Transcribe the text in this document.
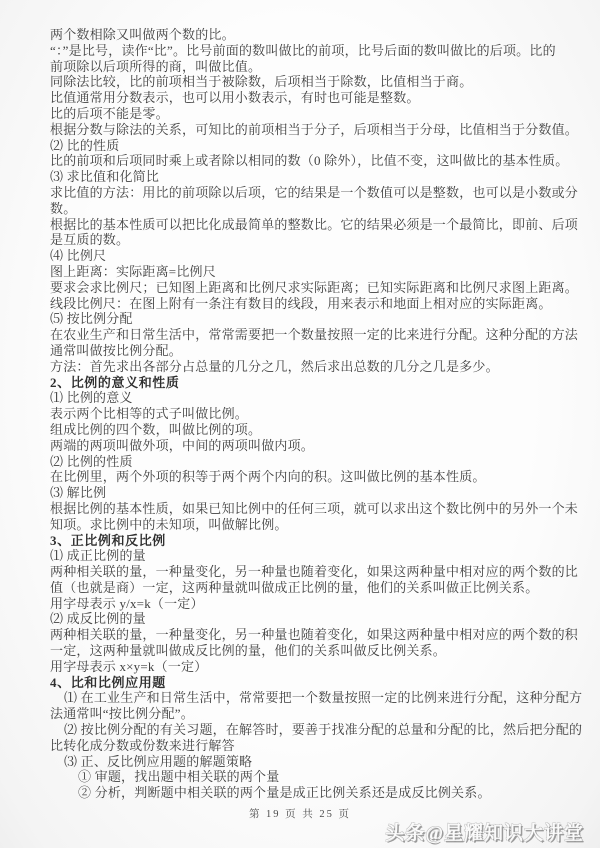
两个数相除又叫做两个数的比。
“：”是比号，读作“比”。比号前面的数叫做比的前项，比号后面的数叫做比的后项。比的
前项除以后项所得的商，叫做比值。
同除法比较，比的前项相当于被除数，后项相当于除数，比值相当于商。
比值通常用分数表示，也可以用小数表示，有时也可能是整数。
比的后项不能是零。
根据分数与除法的关系，可知比的前项相当于分子，后项相当于分母，比值相当于分数值。
⑵ 比的性质
比的前项和后项同时乘上或者除以相同的数（0 除外），比值不变，这叫做比的基本性质。
⑶ 求比值和化简比
求比值的方法：用比的前项除以后项，它的结果是一个数值可以是整数，也可以是小数或分
数。
根据比的基本性质可以把比化成最简单的整数比。它的结果必须是一个最简比，即前、后项
是互质的数。
⑷ 比例尺
图上距离：实际距离=比例尺
要求会求比例尺；已知图上距离和比例尺求实际距离；已知实际距离和比例尺求图上距离。
线段比例尺：在图上附有一条注有数目的线段，用来表示和地面上相对应的实际距离。
⑸ 按比例分配
在农业生产和日常生活中，常常需要把一个数量按照一定的比来进行分配。这种分配的方法
通常叫做按比例分配。
方法：首先求出各部分占总量的几分之几，然后求出总数的几分之几是多少。
2、比例的意义和性质
⑴ 比例的意义
表示两个比相等的式子叫做比例。
组成比例的四个数，叫做比例的项。
两端的两项叫做外项，中间的两项叫做内项。
⑵ 比例的性质
在比例里，两个外项的积等于两个两个内向的积。这叫做比例的基本性质。
⑶ 解比例
根据比例的基本性质，如果已知比例中的任何三项，就可以求出这个数比例中的另外一个未
知项。求比例中的未知项，叫做解比例。
3、正比例和反比例
⑴ 成正比例的量
两种相关联的量，一种量变化，另一种量也随着变化，如果这两种量中相对应的两个数的比
值（也就是商）一定，这两种量就叫做成正比例的量，他们的关系叫做正比例关系。
用字母表示 y/x=k（一定）
⑵ 成反比例的量
两种相关联的量，一种量变化，另一种量也随着变化，如果这两种量中相对应的两个数的积
一定，这两种量就叫做成反比例的量，他们的关系叫做反比例关系。
用字母表示 x×y=k（一定）
4、比和比例应用题
⑴ 在工业生产和日常生活中，常常要把一个数量按照一定的比例来进行分配，这种分配方
法通常叫“按比例分配”。
⑵ 按比例分配的有关习题，在解答时，要善于找准分配的总量和分配的比，然后把分配的
比转化成分数或份数来进行解答
⑶ 正、反比例应用题的解题策略
① 审题，找出题中相关联的两个量
② 分析，判断题中相关联的两个量是成正比例关系还是成反比例关系。
第 19 页 共 25 页
头条@星耀知识大讲堂
